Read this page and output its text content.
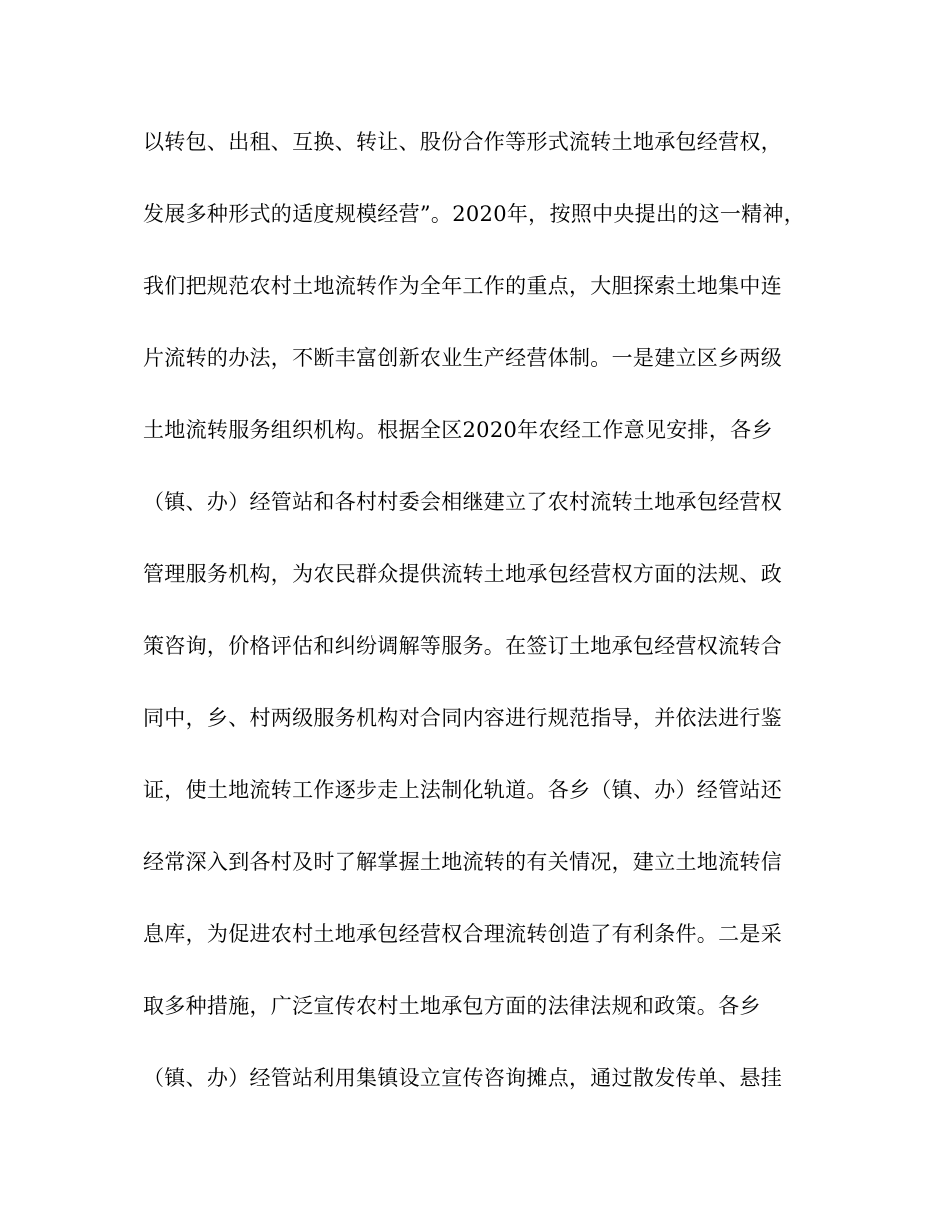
以转包、出租、互换、转让、股份合作等形式流转土地承包经营权，
发展多种形式的适度规模经营”。2020年，按照中央提出的这一精神，
我们把规范农村土地流转作为全年工作的重点，大胆探索土地集中连
片流转的办法，不断丰富创新农业生产经营体制。一是建立区乡两级
土地流转服务组织机构。根据全区2020年农经工作意见安排，各乡
（镇、办）经管站和各村村委会相继建立了农村流转土地承包经营权
管理服务机构，为农民群众提供流转土地承包经营权方面的法规、政
策咨询，价格评估和纠纷调解等服务。在签订土地承包经营权流转合
同中，乡、村两级服务机构对合同内容进行规范指导，并依法进行鉴
证，使土地流转工作逐步走上法制化轨道。各乡（镇、办）经管站还
经常深入到各村及时了解掌握土地流转的有关情况，建立土地流转信
息库，为促进农村土地承包经营权合理流转创造了有利条件。二是采
取多种措施，广泛宣传农村土地承包方面的法律法规和政策。各乡
（镇、办）经管站利用集镇设立宣传咨询摊点，通过散发传单、悬挂
